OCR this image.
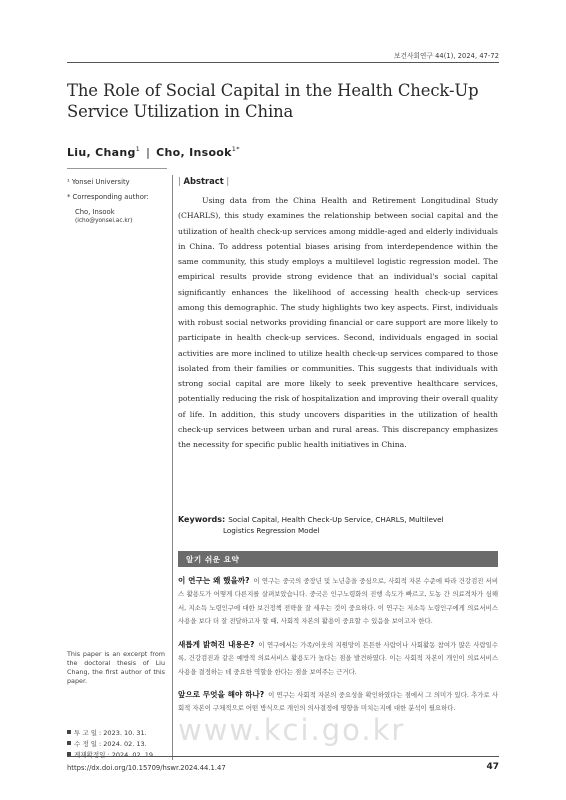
보건사회연구 44(1), 2024, 47-72
The Role of Social Capital in the Health Check-Up Service Utilization in China
Liu, Chang$^1$ | Cho, Insook$^{1*}$
¹ Yonsei University
* Corresponding author:
Cho, Insook
(icho@yonsei.ac.kr)
| Abstract |
Using data from the China Health and Retirement Longitudinal Study (CHARLS), this study examines the relationship between social capital and the utilization of health check-up services among middle-aged and elderly individuals in China. To address potential biases arising from interdependence within the same community, this study employs a multilevel logistic regression model. The empirical results provide strong evidence that an individual's social capital significantly enhances the likelihood of accessing health check-up services among this demographic. The study highlights two key aspects. First, individuals with robust social networks providing financial or care support are more likely to participate in health check-up services. Second, individuals engaged in social activities are more inclined to utilize health check-up services compared to those isolated from their families or communities. This suggests that individuals with strong social capital are more likely to seek preventive healthcare services, potentially reducing the risk of hospitalization and improving their overall quality of life. In addition, this study uncovers disparities in the utilization of health check-up services between urban and rural areas. This discrepancy emphasizes the necessity for specific public health initiatives in China.
Keywords: Social Capital, Health Check-Up Service, CHARLS, Multilevel
Logistics Regression Model
알기 쉬운 요약
이 연구는 왜 했을까? 이 연구는 중국의 중장년 및 노년층을 중심으로, 사회적 자본 수준에 따라 건강검진 서비스 활용도가 어떻게 다른지를 살펴보았습니다. 중국은 인구노령화의 진행 속도가 빠르고, 도농 간 의료격차가 심해서, 지소득 노령인구에 대한 보건정책 전략을 잘 세우는 것이 중요하다. 이 연구는 저소득 노령인구에게 의료서비스 사용을 보다 더 잘 전달하고자 할 때, 사회적 자본의 활용이 중요할 수 있음을 보이고자 한다.
새롭게 밝혀진 내용은? 이 연구에서는 가족/이웃의 지원망이 튼튼한 사람이나 사회활동 참여가 많은 사람일수록, 건강검진과 같은 예방적 의료서비스 활용도가 높다는 점을 발견하였다. 이는 사회적 자본이 개인이 의료서비스 사용을 결정하는 데 중요한 역할을 한다는 점을 보여주는 근거다.
앞으로 무엇을 해야 하나? 이 연구는 사회적 자본의 중요성을 확인하였다는 점에서 그 의미가 있다. 추가로 사회적 자본이 구체적으로 어떤 방식으로 개인의 의사결정에 영향을 미치는지에 대한 분석이 필요하다.
This paper is an excerpt from the doctoral thesis of Liu Chang, the first author of this paper.
투 고 일 : 2023. 10. 31.
수 정 일 : 2024. 02. 13.
게재확정일 : 2024. 02. 19.
www.kci.go.kr
https://dx.doi.org/10.15709/hswr.2024.44.1.47	47
